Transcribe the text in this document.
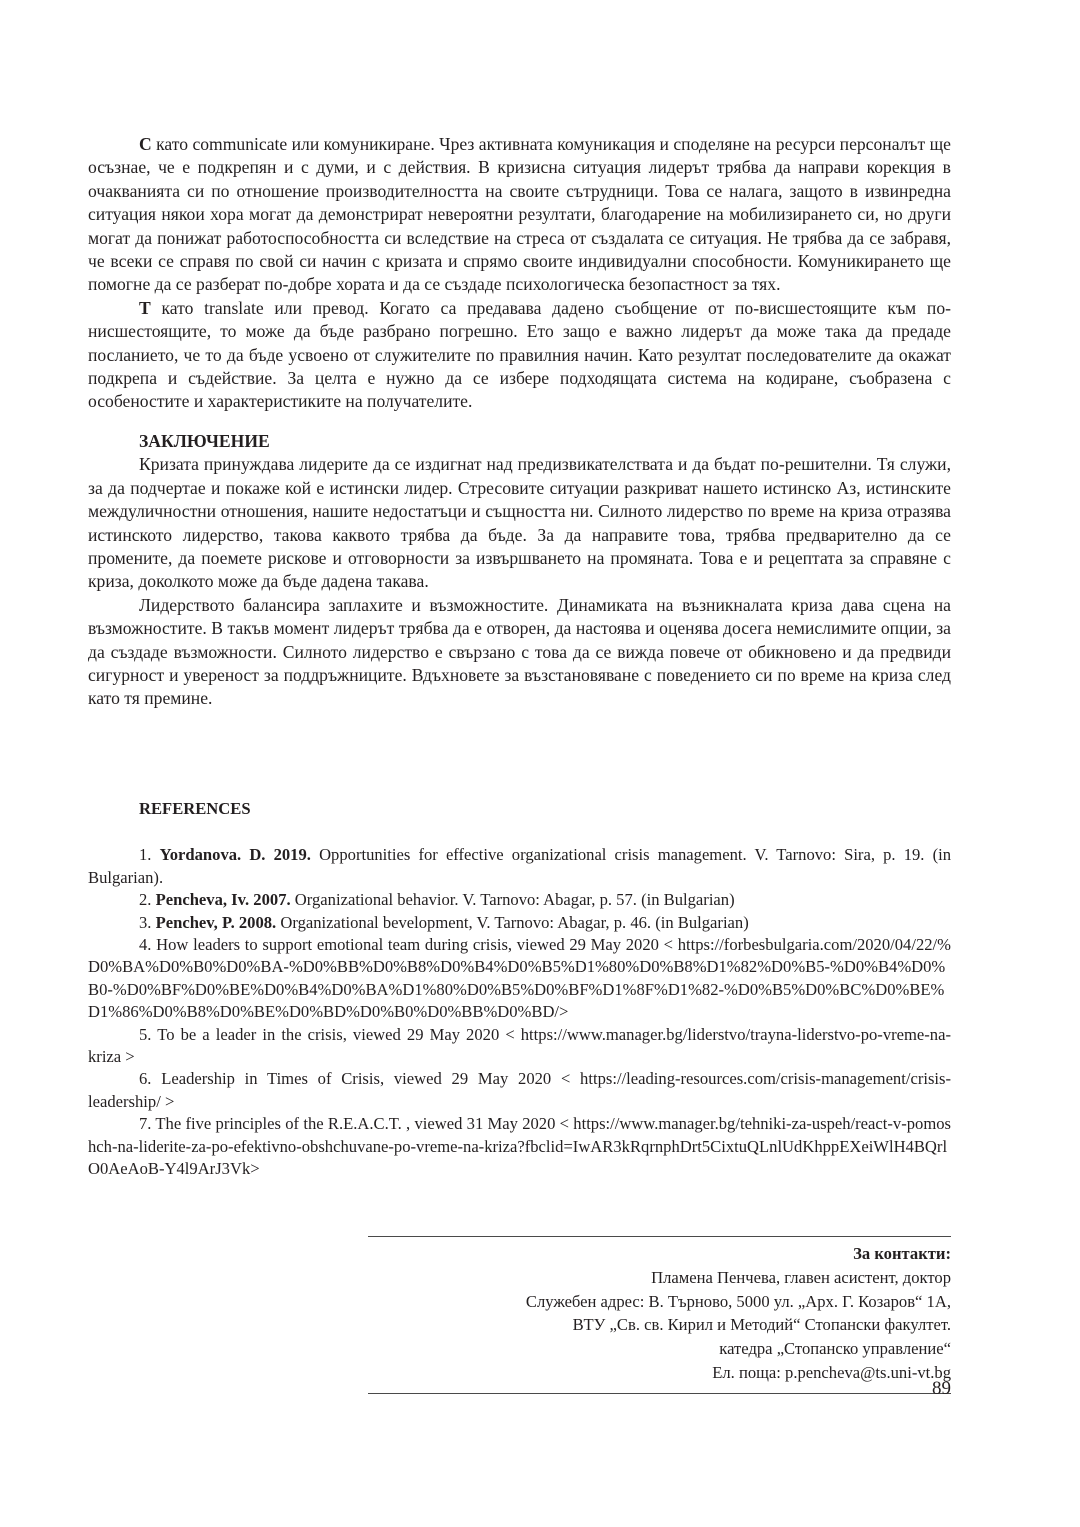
С като communicate или комуникиране. Чрез активната комуникация и споделяне на ресурси персоналът ще осъзнае, че е подкрепян и с думи, и с действия. В кризисна ситуация лидерът трябва да направи корекция в очакванията си по отношение производителността на своите сътрудници. Това се налага, защото в извинредна ситуация някои хора могат да демонстрират невероятни резултати, благодарение на мобилизирането си, но други могат да понижат работоспособността си вследствие на стреса от създалата се ситуация. Не трябва да се забравя, че всеки се справя по свой си начин с кризата и спрямо своите индивидуални способности. Комуникирането ще помогне да се разберат по-добре хората и да се създаде психологическа безопастност за тях.

Т като translate или превод. Когато са предавава дадено съобщение от по-висшестоящите към по-нисшестоящите, то може да бъде разбрано погрешно. Ето защо е важно лидерът да може така да предаде посланието, че то да бъде усвоено от служителите по правилния начин. Като резултат последователите да окажат подкрепа и съдействие. За целта е нужно да се избере подходящата система на кодиране, съобразена с особеностите и характеристиките на получателите.

ЗАКЛЮЧЕНИЕ

Кризата принуждава лидерите да се издигнат над предизвикателствата и да бъдат по-решителни. Тя служи, за да подчертае и покаже кой е истински лидер. Стресовите ситуации разкриват нашето истинско Аз, истинските междуличностни отношения, нашите недостатъци и същността ни. Силното лидерство по време на криза отразява истинското лидерство, такова каквото трябва да бъде. За да направите това, трябва предварително да се промените, да поемете рискове и отговорности за извършването на промяната. Това е и рецептата за справяне с криза, доколкото може да бъде дадена такава.

Лидерството балансира заплахите и възможностите. Динамиката на възникналата криза дава сцена на възможностите. В такъв момент лидерът трябва да е отворен, да настоява и оценява досега немислимите опции, за да създаде възможности. Силното лидерство е свързано с това да се вижда повече от обикновено и да предвиди сигурност и увереност за поддръжниците. Вдъхновете за възстановяване с поведението си по време на криза след като тя премине.

REFERENCES

1. Yordanova. D. 2019. Opportunities for effective organizational crisis management. V. Tarnovo: Sira, p. 19. (in Bulgarian).

2. Pencheva, Iv. 2007. Organizational behavior. V. Tarnovo: Abagar, p. 57. (in Bulgarian)

3. Penchev, P. 2008. Organizational bevelopment, V. Tarnovo: Abagar, p. 46. (in Bulgarian)

4. How leaders to support emotional team during crisis, viewed 29 May 2020 < https://forbesbulgaria.com/2020/04/22/%D0%BA%D0%B0%D0%BA-%D0%BB%D0%B8%D0%B4%D0%B5%D1%80%D0%B8%D1%82%D0%B5-%D0%B4%D0%B0-%D0%BF%D0%BE%D0%B4%D0%BA%D1%80%D0%B5%D0%BF%D1%8F%D1%82-%D0%B5%D0%BC%D0%BE%D1%86%D0%B8%D0%BE%D0%BD%D0%B0%D0%BB%D0%BD/>

5. To be a leader in the crisis, viewed 29 May 2020 < https://www.manager.bg/liderstvo/trayna-liderstvo-po-vreme-na-kriza >

6. Leadership in Times of Crisis, viewed 29 May 2020 < https://leading-resources.com/crisis-management/crisis-leadership/ >

7. The five principles of the R.E.A.C.T. , viewed 31 May 2020 < https://www.manager.bg/tehniki-za-uspeh/react-v-pomoshch-na-liderite-za-po-efektivno-obshchuvane-po-vreme-na-kriza?fbclid=IwAR3kRqrnphDrt5CixtuQLnlUdKhppEXeiWlH4BQrlO0AeAoB-Y4l9ArJ3Vk>

За контакти:
Пламена Пенчева, главен асистент, доктор
Служебен адрес: В. Търново, 5000 ул. „Арх. Г. Козаров“ 1А,
ВТУ „Св. св. Кирил и Методий“ Стопански факултет.
катедра „Стопанско управление“
Ел. поща: p.pencheva@ts.uni-vt.bg
89
